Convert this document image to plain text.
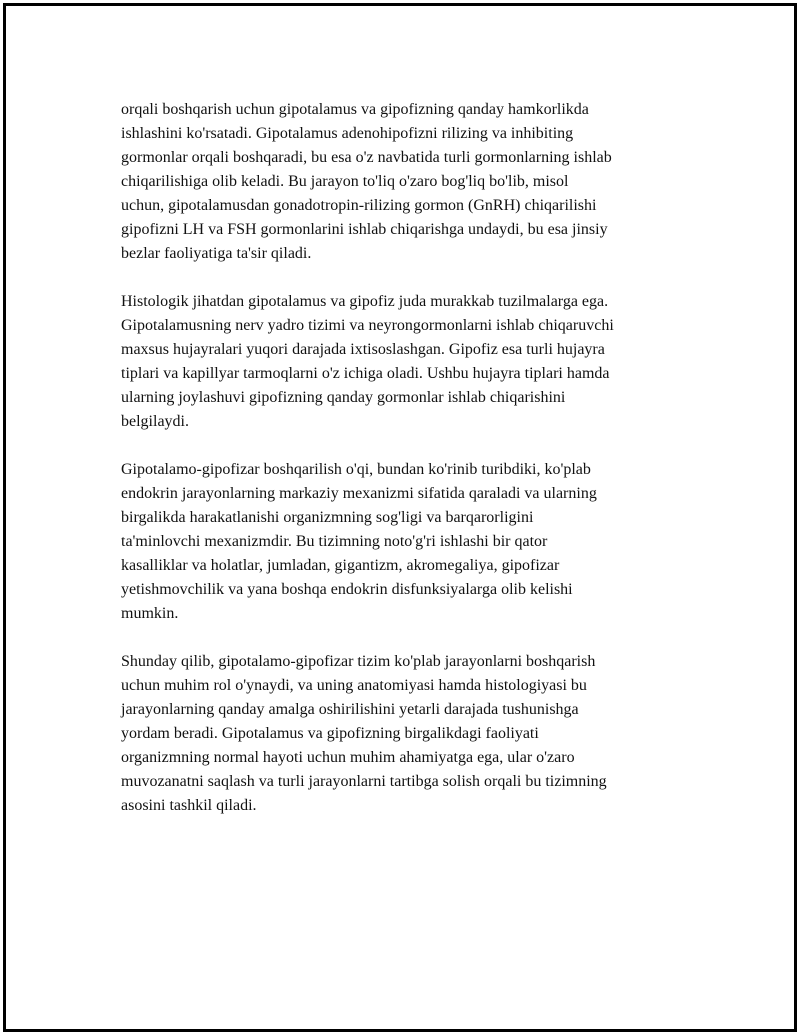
orqali boshqarish uchun gipotalamus va gipofizning qanday hamkorlikda
ishlashini ko'rsatadi. Gipotalamus adenohipofizni rilizing va inhibiting
gormonlar orqali boshqaradi, bu esa o'z navbatida turli gormonlarning ishlab
chiqarilishiga olib keladi. Bu jarayon to'liq o'zaro bog'liq bo'lib, misol
uchun, gipotalamusdan gonadotropin-rilizing gormon (GnRH) chiqarilishi
gipofizni LH va FSH gormonlarini ishlab chiqarishga undaydi, bu esa jinsiy
bezlar faoliyatiga ta'sir qiladi.

Histologik jihatdan gipotalamus va gipofiz juda murakkab tuzilmalarga ega.
Gipotalamusning nerv yadro tizimi va neyrongormonlarni ishlab chiqaruvchi
maxsus hujayralari yuqori darajada ixtisoslashgan. Gipofiz esa turli hujayra
tiplari va kapillyar tarmoqlarni o'z ichiga oladi. Ushbu hujayra tiplari hamda
ularning joylashuvi gipofizning qanday gormonlar ishlab chiqarishini
belgilaydi.

Gipotalamo-gipofizar boshqarilish o'qi, bundan ko'rinib turibdiki, ko'plab
endokrin jarayonlarning markaziy mexanizmi sifatida qaraladi va ularning
birgalikda harakatlanishi organizmning sog'ligi va barqarorligini
ta'minlovchi mexanizmdir. Bu tizimning noto'g'ri ishlashi bir qator
kasalliklar va holatlar, jumladan, gigantizm, akromegaliya, gipofizar
yetishmovchilik va yana boshqa endokrin disfunksiyalarga olib kelishi
mumkin.

Shunday qilib, gipotalamo-gipofizar tizim ko'plab jarayonlarni boshqarish
uchun muhim rol o'ynaydi, va uning anatomiyasi hamda histologiyasi bu
jarayonlarning qanday amalga oshirilishini yetarli darajada tushunishga
yordam beradi. Gipotalamus va gipofizning birgalikdagi faoliyati
organizmning normal hayoti uchun muhim ahamiyatga ega, ular o'zaro
muvozanatni saqlash va turli jarayonlarni tartibga solish orqali bu tizimning
asosini tashkil qiladi.
